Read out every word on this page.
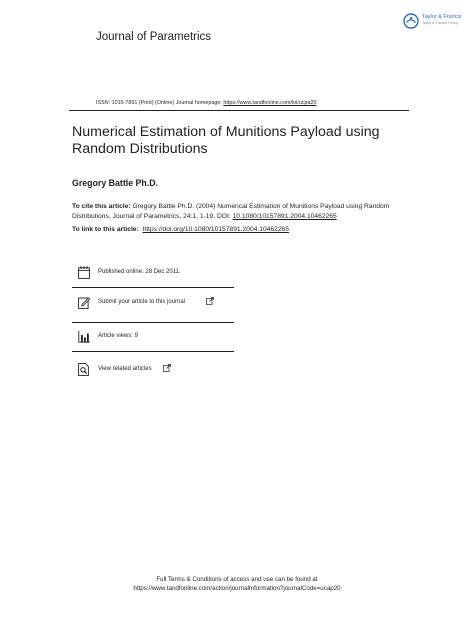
Journal of Parametrics
Taylor & Francis
Taylor & Francis Group
ISSN: 1015-7891 (Print) (Online) Journal homepage: https://www.tandfonline.com/loi/ucpa20
Numerical Estimation of Munitions Payload using Random Distributions
Gregory Battle Ph.D.
To cite this article: Gregory Battle Ph.D. (2004) Numerical Estimation of Munitions Payload using Random Distributions, Journal of Parametrics, 24:1, 1-19, DOI: 10.1080/10157891.2004.10462265
To link to this article: https://doi.org/10.1080/10157891.2004.10462265
Published online: 28 Dec 2011.
Submit your article to this journal
Article views: 9
View related articles
Full Terms & Conditions of access and use can be found at
https://www.tandfonline.com/action/journalInformation?journalCode=ucap20
